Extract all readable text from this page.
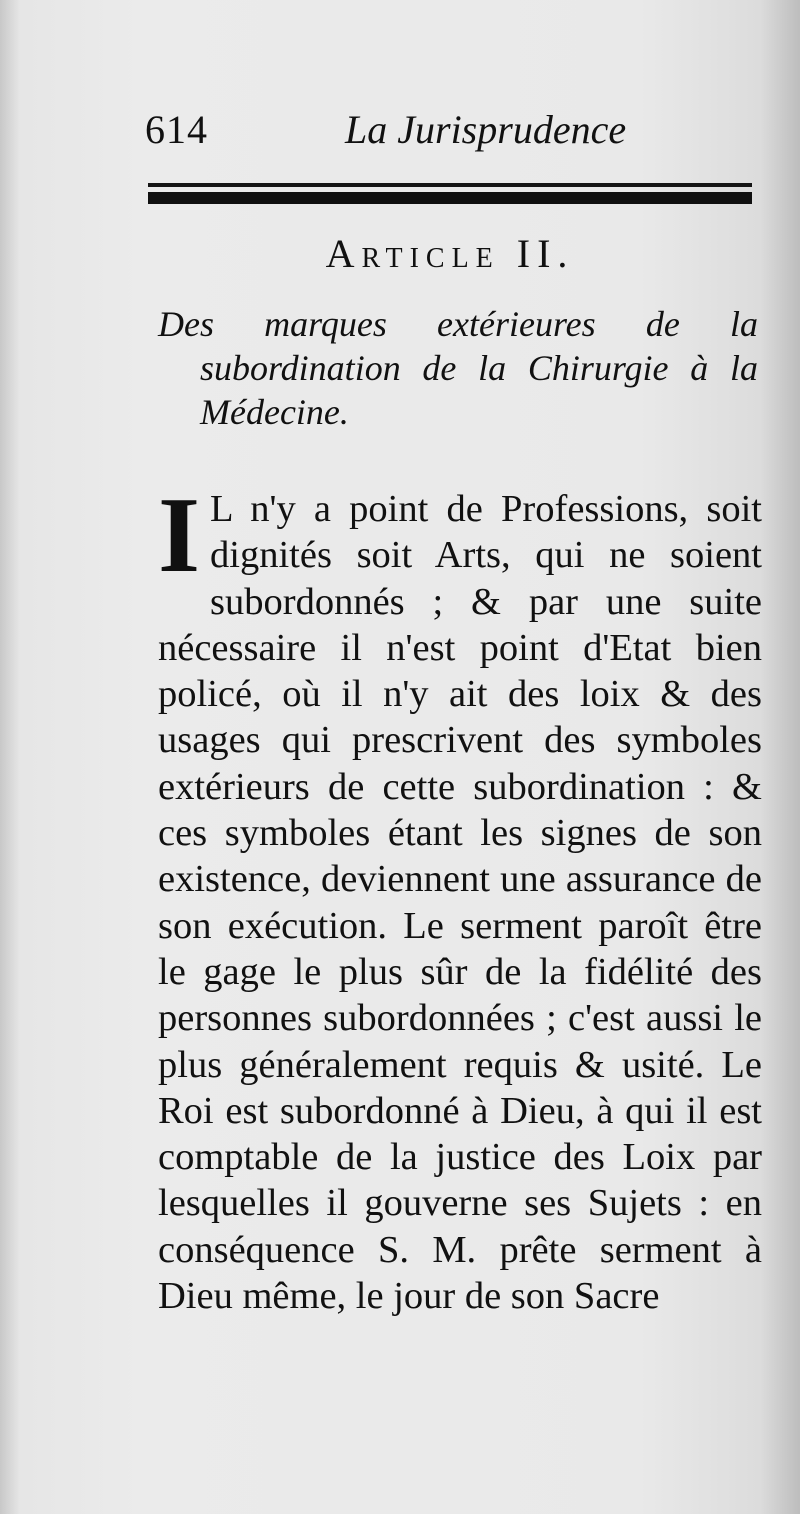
614	La Jurisprudence
Article II.

Des marques extérieures de la subordination de la Chirurgie à la Médecine.

I L n'y a point de Professions, soit dignités soit Arts, qui ne soient subordonnés ; & par une suite nécessaire il n'est point d'Etat bien policé, où il n'y ait des loix & des usages qui prescrivent des symboles extérieurs de cette subordination : & ces symboles étant les signes de son existence, deviennent une assurance de son exécution. Le serment paroît être le gage le plus sûr de la fidélité des personnes subordonnées ; c'est aussi le plus généralement requis & usité. Le Roi est subordonné à Dieu, à qui il est comptable de la justice des Loix par lesquelles il gouverne ses Sujets : en conséquence S. M. prête serment à Dieu même, le jour de son Sacre
